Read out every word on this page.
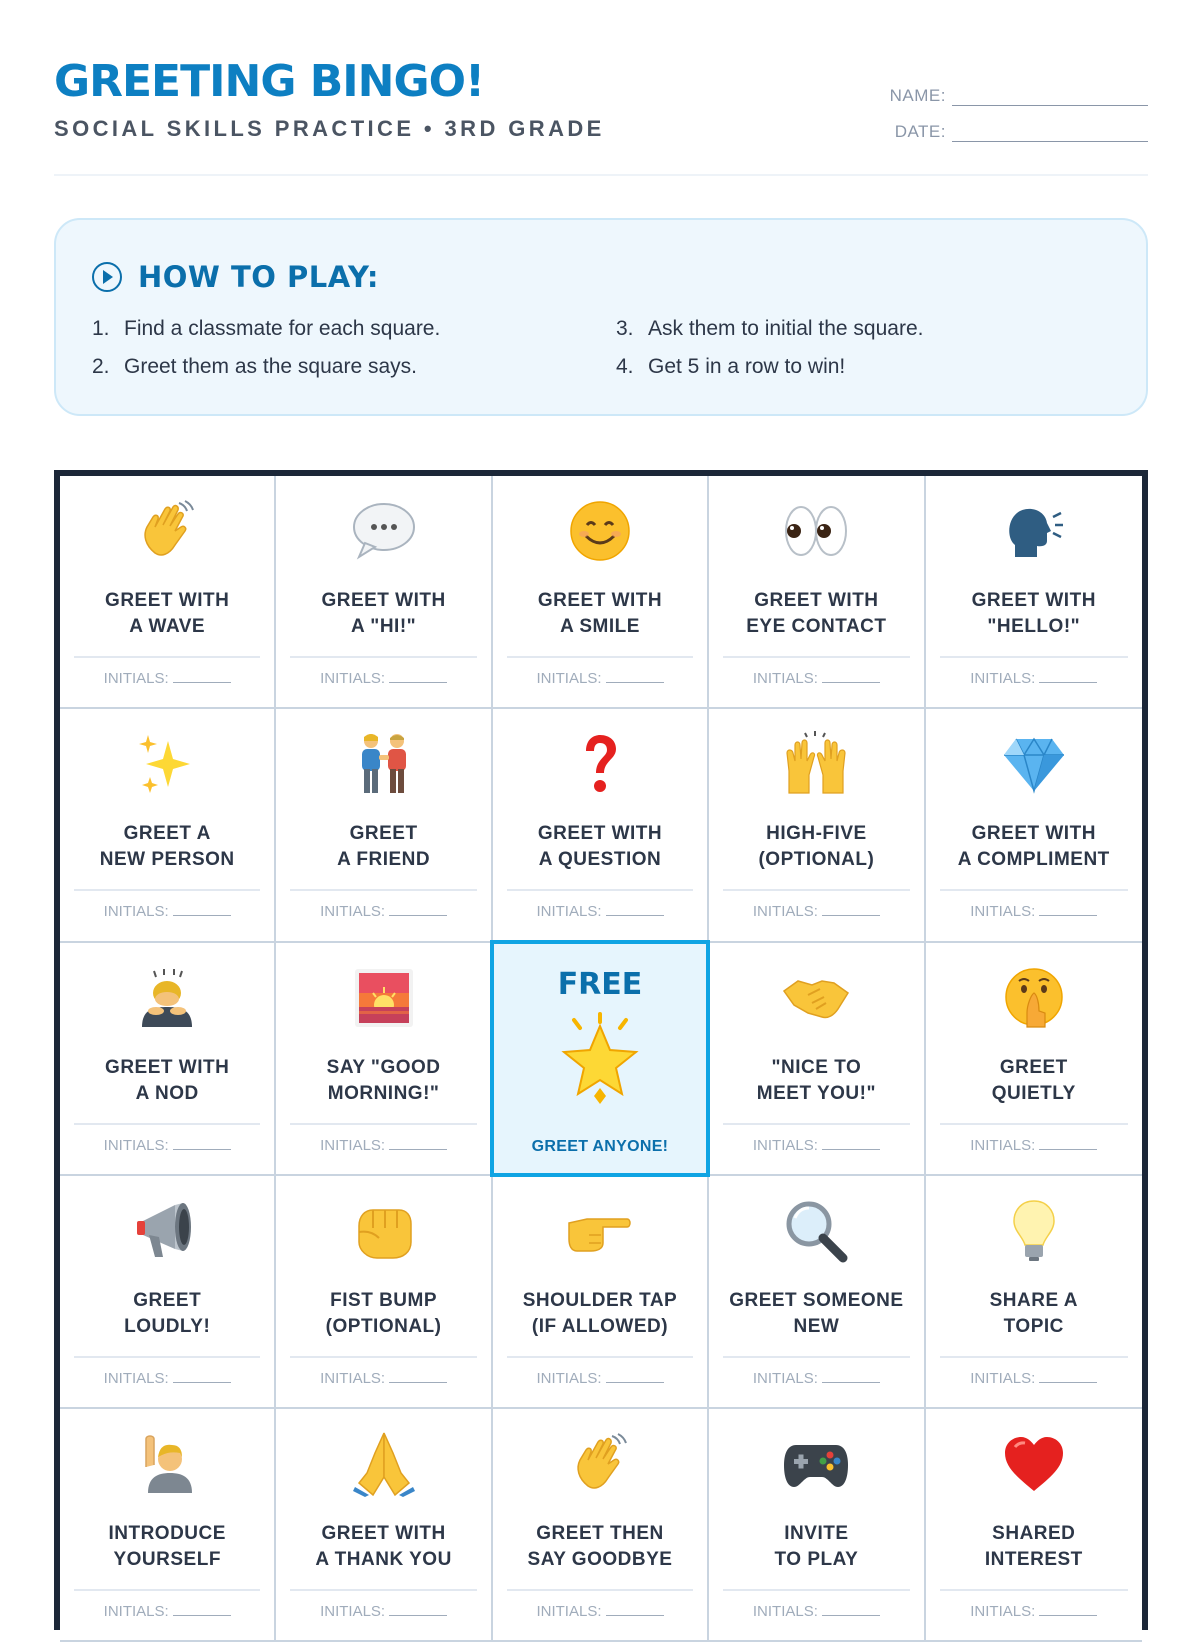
GREETING BINGO!
SOCIAL SKILLS PRACTICE • 3RD GRADE
NAME:
DATE:
HOW TO PLAY:
1. Find a classmate for each square.	3. Ask them to initial the square.
2. Greet them as the square says.	4. Get 5 in a row to win!
GREET WITH
A WAVE
INITIALS:
GREET WITH
A "HI!"
INITIALS:
GREET WITH
A SMILE
INITIALS:
GREET WITH
EYE CONTACT
INITIALS:
GREET WITH
"HELLO!"
INITIALS:
GREET A
NEW PERSON
INITIALS:
GREET
A FRIEND
INITIALS:
GREET WITH
A QUESTION
INITIALS:
HIGH-FIVE
(OPTIONAL)
INITIALS:
GREET WITH
A COMPLIMENT
INITIALS:
GREET WITH
A NOD
INITIALS:
SAY "GOOD
MORNING!"
INITIALS:
FREE
GREET ANYONE!
"NICE TO
MEET YOU!"
INITIALS:
GREET
QUIETLY
INITIALS:
GREET
LOUDLY!
INITIALS:
FIST BUMP
(OPTIONAL)
INITIALS:
SHOULDER TAP
(IF ALLOWED)
INITIALS:
GREET SOMEONE
NEW
INITIALS:
SHARE A
TOPIC
INITIALS:
INTRODUCE
YOURSELF
INITIALS:
GREET WITH
A THANK YOU
INITIALS:
GREET THEN
SAY GOODBYE
INITIALS:
INVITE
TO PLAY
INITIALS:
SHARED
INTEREST
INITIALS:
